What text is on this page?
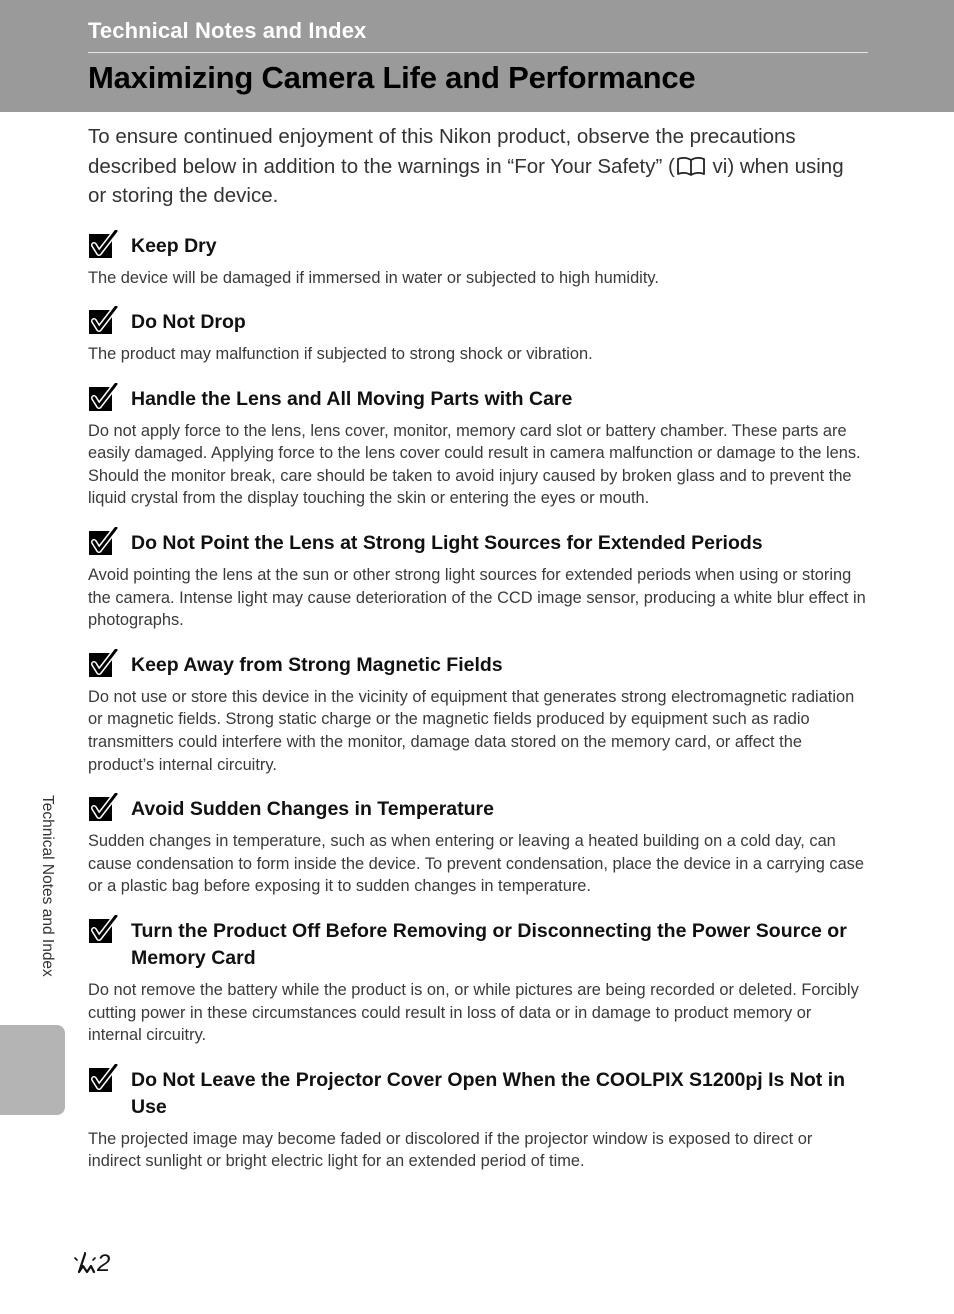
Technical Notes and Index
Maximizing Camera Life and Performance

To ensure continued enjoyment of this Nikon product, observe the precautions described below in addition to the warnings in “For Your Safety” ( vi) when using or storing the device.

Keep Dry

The device will be damaged if immersed in water or subjected to high humidity.

Do Not Drop

The product may malfunction if subjected to strong shock or vibration.

Handle the Lens and All Moving Parts with Care

Do not apply force to the lens, lens cover, monitor, memory card slot or battery chamber. These parts are easily damaged. Applying force to the lens cover could result in camera malfunction or damage to the lens. Should the monitor break, care should be taken to avoid injury caused by broken glass and to prevent the liquid crystal from the display touching the skin or entering the eyes or mouth.

Do Not Point the Lens at Strong Light Sources for Extended Periods

Avoid pointing the lens at the sun or other strong light sources for extended periods when using or storing the camera. Intense light may cause deterioration of the CCD image sensor, producing a white blur effect in photographs.

Keep Away from Strong Magnetic Fields

Do not use or store this device in the vicinity of equipment that generates strong electromagnetic radiation or magnetic fields. Strong static charge or the magnetic fields produced by equipment such as radio transmitters could interfere with the monitor, damage data stored on the memory card, or affect the product’s internal circuitry.

Avoid Sudden Changes in Temperature

Sudden changes in temperature, such as when entering or leaving a heated building on a cold day, can cause condensation to form inside the device. To prevent condensation, place the device in a carrying case or a plastic bag before exposing it to sudden changes in temperature.

Turn the Product Off Before Removing or Disconnecting the Power Source or Memory Card

Do not remove the battery while the product is on, or while pictures are being recorded or deleted. Forcibly cutting power in these circumstances could result in loss of data or in damage to product memory or internal circuitry.

Do Not Leave the Projector Cover Open When the COOLPIX S1200pj Is Not in Use

The projected image may become faded or discolored if the projector window is exposed to direct or indirect sunlight or bright electric light for an extended period of time.

Technical Notes and Index
2
